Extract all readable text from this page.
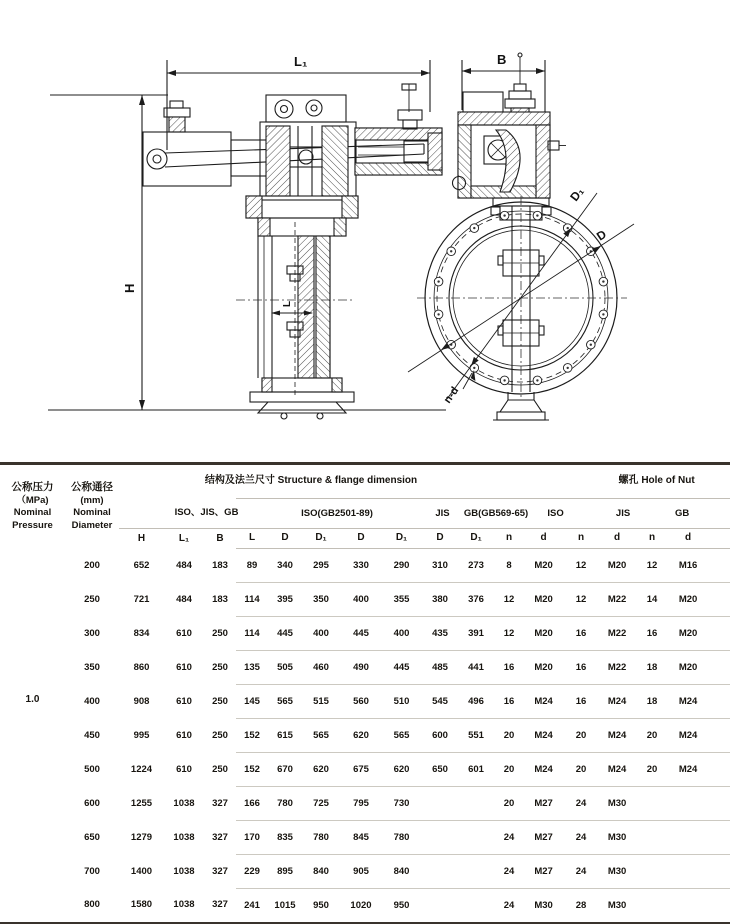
L₁	B
H
L
D₁
D
n-d
公称压力
（MPa)
Nominal
Pressure

公称通径
(mm)
Nominal
Diameter
	结构及法兰尺寸 Structure & flange dimension	螺孔 Hole of Nut
		ISO、JIS、GB			ISO(GB2501-89)			JIS		GB(GB569-65)		ISO		JIS		GB	
		H	L₁	B	L	D	D₁	D	D₁	D	D₁	n	d	n	d	n	d
1.0	200	652	484	183	89	340	295	330	290	310	273	8	M20	12	M20	12	M16
	250	721	484	183	114	395	350	400	355	380	376	12	M20	12	M22	14	M20
	300	834	610	250	114	445	400	445	400	435	391	12	M20	16	M22	16	M20
	350	860	610	250	135	505	460	490	445	485	441	16	M20	16	M22	18	M20
	400	908	610	250	145	565	515	560	510	545	496	16	M24	16	M24	18	M24
	450	995	610	250	152	615	565	620	565	600	551	20	M24	20	M24	20	M24
	500	1224	610	250	152	670	620	675	620	650	601	20	M24	20	M24	20	M24
	600	1255	1038	327	166	780	725	795	730			20	M27	24	M30		
	650	1279	1038	327	170	835	780	845	780			24	M27	24	M30		
	700	1400	1038	327	229	895	840	905	840			24	M27	24	M30		
	800	1580	1038	327	241	1015	950	1020	950			24	M30	28	M30		
